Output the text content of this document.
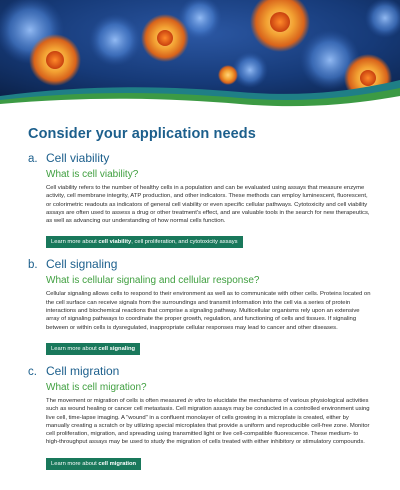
Consider your application needs
a. Cell viability
What is cell viability?

Cell viability refers to the number of healthy cells in a population and can be evaluated using assays that measure enzyme activity, cell membrane integrity, ATP production, and other indicators. These methods can employ luminescent, fluorescent, or colorimetric readouts as indicators of general cell viability or even specific cellular pathways. Cytotoxicity and cell viability assays are often used to assess a drug or other treatment's effect, and are valuable tools in the search for new therapeutics, as well as advancing our understanding of how normal cells function.

Learn more about cell viability, cell proliferation, and cytotoxicity assays
b. Cell signaling
What is cellular signaling and cellular response?

Cellular signaling allows cells to respond to their environment as well as to communicate with other cells. Proteins located on the cell surface can receive signals from the surroundings and transmit information into the cell via a series of protein interactions and biochemical reactions that comprise a signaling pathway. Multicellular organisms rely upon an extensive array of signaling pathways to coordinate the proper growth, regulation, and functioning of cells and tissues. If signaling between or within cells is dysregulated, inappropriate cellular responses may lead to cancer and other diseases.

Learn more about cell signaling
c. Cell migration
What is cell migration?

The movement or migration of cells is often measured in vitro to elucidate the mechanisms of various physiological activities such as wound healing or cancer cell metastasis. Cell migration assays may be conducted in a controlled environment using live cell, time-lapse imaging. A "wound" in a confluent monolayer of cells growing in a microplate is created, either by manually creating a scratch or by utilizing special microplates that provide a uniform and reproducible cell-free zone. Monitor cell proliferation, migration, and spreading using transmitted light or live cell-compatible fluorescence. These medium- to high-throughput assays may be used to study the migration of cells treated with either inhibitory or stimulatory compounds.

Learn more about cell migration
